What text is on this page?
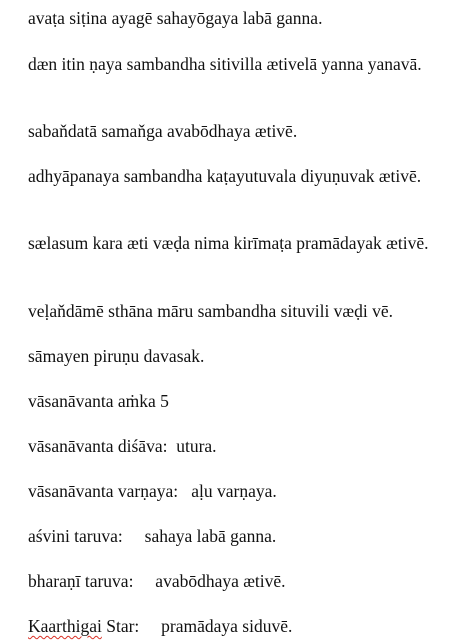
avaṭa siṭina ayagē sahayōgaya labā ganna.
dæn itin ṇaya sambandha sitivilla ætivelā yanna yanavā.
sabaňdatā samaňga avabōdhaya ætivē.
adhyāpanaya sambandha kaṭayutuvala diyuṇuvak ætivē.
sælasum kara æti væḍa nima kirīmaṭa pramādayak ætivē.
veḷaňdāmē sthāna māru sambandha situvili væḍi vē.
sāmayen piruṇu davasak.
vāsanāvanta aṁka 5
vāsanāvanta diśāva:  utura.
vāsanāvanta varṇaya:   aḷu varṇaya.
aśvini taruva:     sahaya labā ganna.
bharaṇī taruva:     avabōdhaya ætivē.
Kaarthigai Star:     pramādaya siduvē.
